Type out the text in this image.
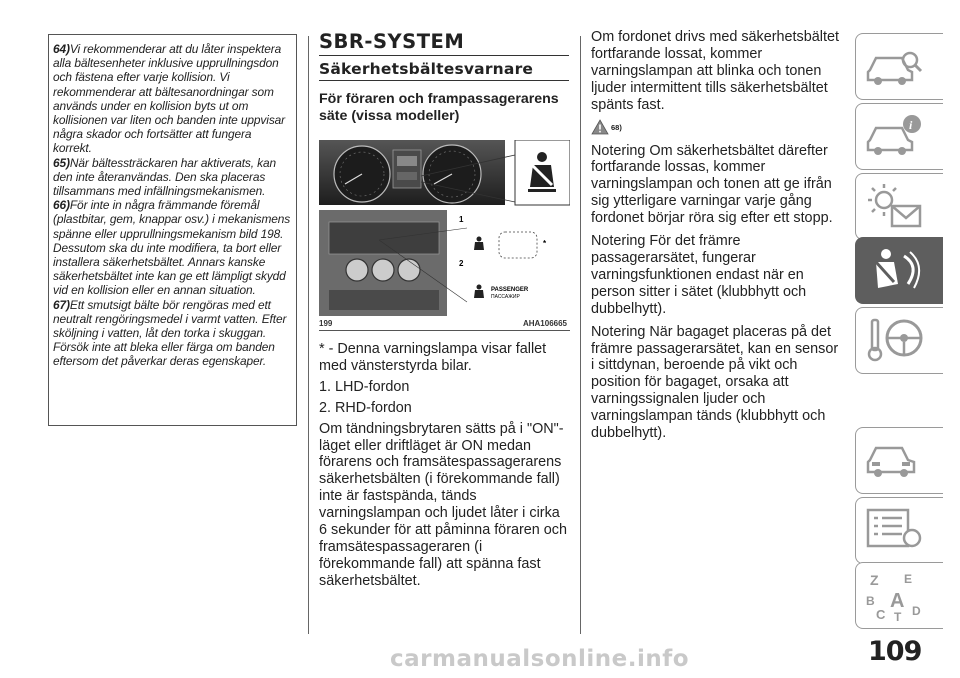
64)Vi rekommenderar att du låter inspektera alla bältesenheter inklusive upprullningsdon och fästena efter varje kollision. Vi rekommenderar att bältesanordningar som används under en kollision byts ut om kollisionen var liten och banden inte uppvisar några skador och fortsätter att fungera korrekt.
65)När bältessträckaren har aktiverats, kan den inte återanvändas. Den ska placeras tillsammans med infällningsmekanismen.
66)För inte in några främmande föremål (plastbitar, gem, knappar osv.) i mekanismens spänne eller upprullningsmekanism bild 198. Dessutom ska du inte modifiera, ta bort eller installera säkerhetsbältet. Annars kanske säkerhetsbältet inte kan ge ett lämpligt skydd vid en kollision eller en annan situation.
67)Ett smutsigt bälte bör rengöras med ett neutralt rengöringsmedel i varmt vatten. Efter sköljning i vatten, låt den torka i skuggan. Försök inte att bleka eller färga om banden eftersom det påverkar deras egenskaper.
SBR-SYSTEM
Säkerhetsbältesvarnare
För föraren och frampassagerarens säte (vissa modeller)
1
2
*
PASSENGER
ПАССАЖИР
199	AHA106665

* - Denna varningslampa visar fallet med vänsterstyrda bilar.

1. LHD-fordon

2. RHD-fordon

Om tändningsbrytaren sätts på i "ON"-läget eller driftläget är ON medan förarens och framsätespassagerarens säkerhetsbälten (i förekommande fall) inte är fastspända, tänds varningslampan och ljudet låter i cirka 6 sekunder för att påminna föraren och framsätespassageraren (i förekommande fall) att spänna fast säkerhetsbältet.

Om fordonet drivs med säkerhetsbältet fortfarande lossat, kommer varningslampan att blinka och tonen ljuder intermittent tills säkerhetsbältet spänts fast.

68)

Notering Om säkerhetsbältet därefter fortfarande lossas, kommer varningslampan och tonen att ge ifrån sig ytterligare varningar varje gång fordonet börjar röra sig efter ett stopp.

Notering För det främre passagerarsätet, fungerar varningsfunktionen endast när en person sitter i sätet (klubbhytt och dubbelhytt).

Notering När bagaget placeras på det främre passagerarsätet, kan en sensor i sittdynan, beroende på vikt och position för bagaget, orsaka att varningssignalen ljuder och varningslampan tänds (klubbhytt och dubbelhytt).

i
Z E
B A
C T D
109
carmanualsonline.info
